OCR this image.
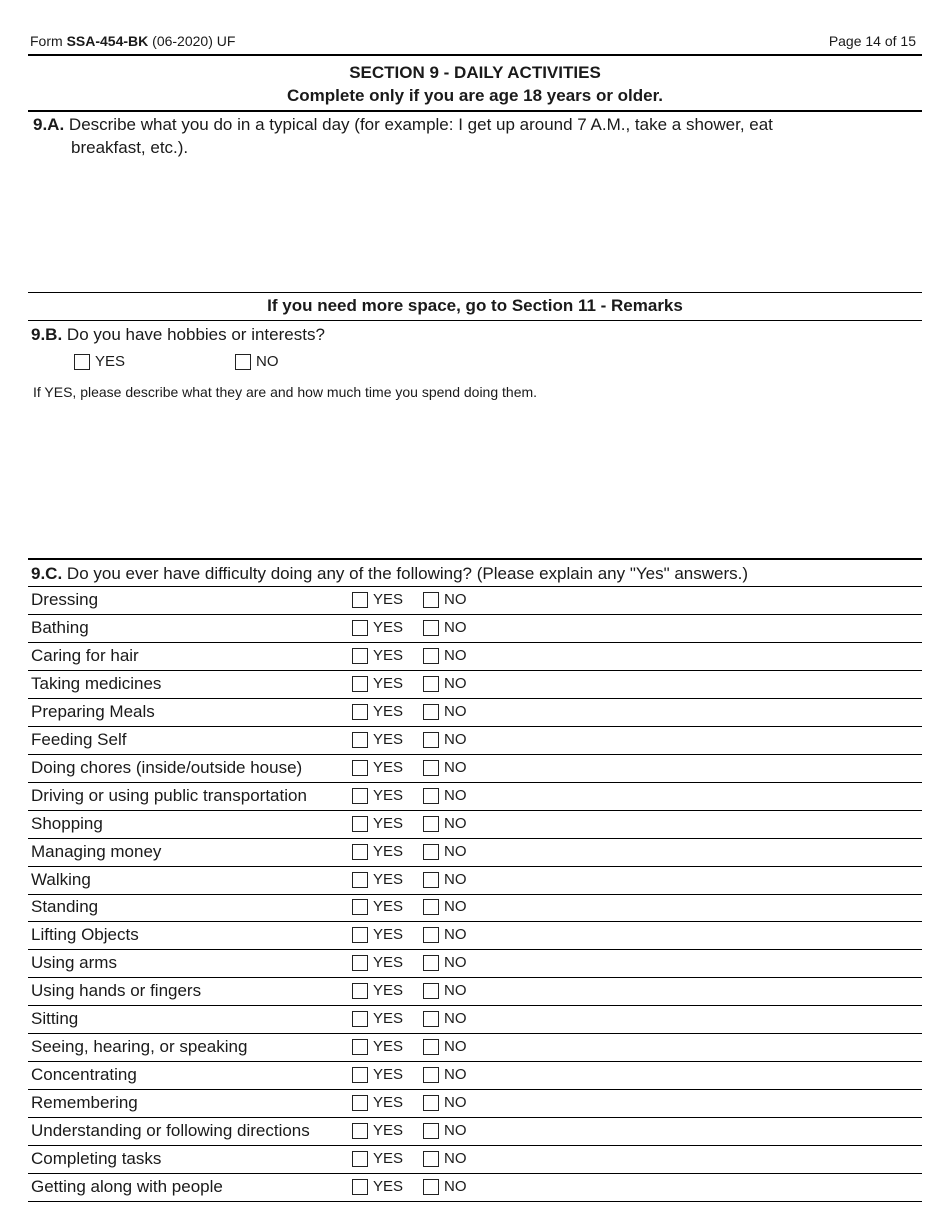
Form SSA-454-BK (06-2020) UF	Page 14 of 15
SECTION 9 - DAILY ACTIVITIES
Complete only if you are age 18 years or older.
9.A. Describe what you do in a typical day (for example: I get up around 7 A.M., take a shower, eat
breakfast, etc.).
If you need more space, go to Section 11 - Remarks
9.B. Do you have hobbies or interests?
YES	NO
If YES, please describe what they are and how much time you spend doing them.
9.C. Do you ever have difficulty doing any of the following? (Please explain any "Yes" answers.)
Dressing	YES	NO
Bathing	YES	NO
Caring for hair	YES	NO
Taking medicines	YES	NO
Preparing Meals	YES	NO
Feeding Self	YES	NO
Doing chores (inside/outside house)	YES	NO
Driving or using public transportation	YES	NO
Shopping	YES	NO
Managing money	YES	NO
Walking	YES	NO
Standing	YES	NO
Lifting Objects	YES	NO
Using arms	YES	NO
Using hands or fingers	YES	NO
Sitting	YES	NO
Seeing, hearing, or speaking	YES	NO
Concentrating	YES	NO
Remembering	YES	NO
Understanding or following directions	YES	NO
Completing tasks	YES	NO
Getting along with people	YES	NO
